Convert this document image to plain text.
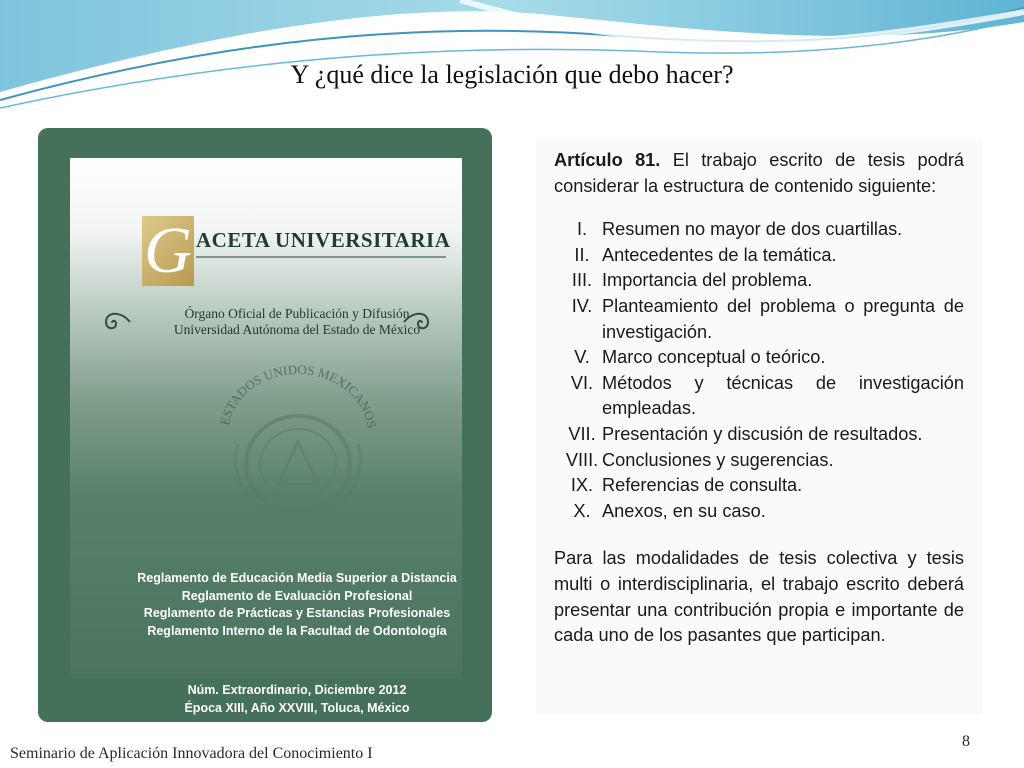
Y ¿qué dice la legislación que debo hacer?
G ACETA UNIVERSITARIA
Órgano Oficial de Publicación y Difusión
Universidad Autónoma del Estado de México
ESTADOS UNIDOS MEXICANOS
Reglamento de Educación Media Superior a Distancia
Reglamento de Evaluación Profesional
Reglamento de Prácticas y Estancias Profesionales
Reglamento Interno de la Facultad de Odontología
Núm. Extraordinario, Diciembre 2012
Época XIII, Año XXVIII, Toluca, México
Artículo 81. El trabajo escrito de tesis podrá considerar la estructura de contenido siguiente:
I. Resumen no mayor de dos cuartillas.
II. Antecedentes de la temática.
III. Importancia del problema.
IV. Planteamiento del problema o pregunta de investigación.
V. Marco conceptual o teórico.
VI. Métodos y técnicas de investigación empleadas.
VII. Presentación y discusión de resultados.
VIII. Conclusiones y sugerencias.
IX. Referencias de consulta.
X. Anexos, en su caso.
Para las modalidades de tesis colectiva y tesis multi o interdisciplinaria, el trabajo escrito deberá presentar una contribución propia e importante de cada uno de los pasantes que participan.
Seminario de Aplicación Innovadora del Conocimiento I
8
